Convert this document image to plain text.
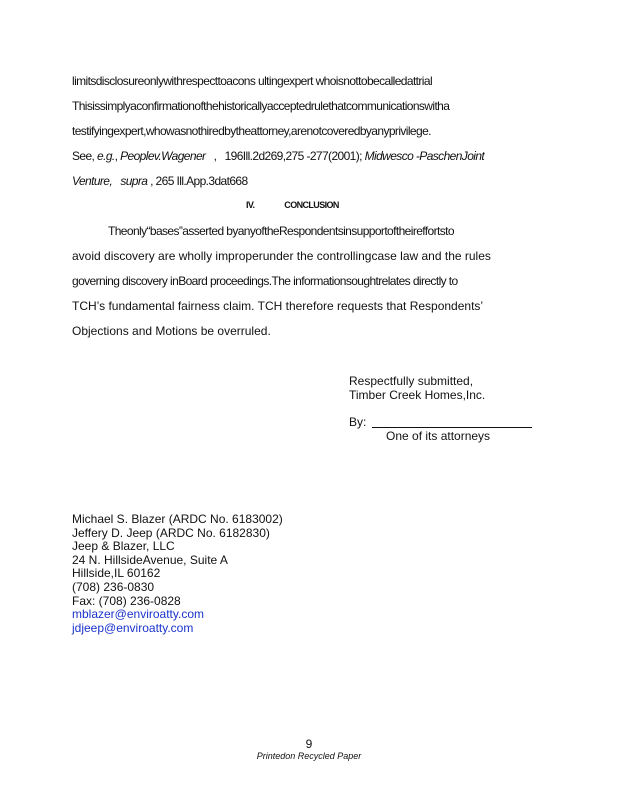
limitsdisclosureonlywithrespecttoacons ultingexpert whoisnottobecalledattrial
Thisissimplyaconfirmationofthehistoricallyacceptedrulethatcommunicationswitha
testifyingexpert,whowasnothiredbytheattorney,arenotcoveredbyanyprivilege.
See, e.g., Peoplev.Wagener   ,   196Ill.2d269,275 -277(2001); Midwesco -PaschenJoint
Venture, supra , 265 Ill.App.3dat668
IV.	CONCLUSION
Theonly“bases”asserted byanyoftheRespondentsinsupportoftheireffortsto
avoid discovery are wholly improperunder the controllingcase law and the rules
governing discovery inBoard proceedings.The informationsoughtrelates directly to
TCH’s fundamental fairness claim. TCH therefore requests that Respondents’
Objections and Motions be overruled.
Respectfully submitted,
Timber Creek Homes,Inc.
By:
One of its attorneys
Michael S. Blazer (ARDC No. 6183002)
Jeffery D. Jeep (ARDC No. 6182830)
Jeep & Blazer, LLC
24 N. HillsideAvenue, Suite A
Hillside,IL 60162
(708) 236-0830
Fax: (708) 236-0828
mblazer@enviroatty.com
jdjeep@enviroatty.com
9
Printedon Recycled Paper
